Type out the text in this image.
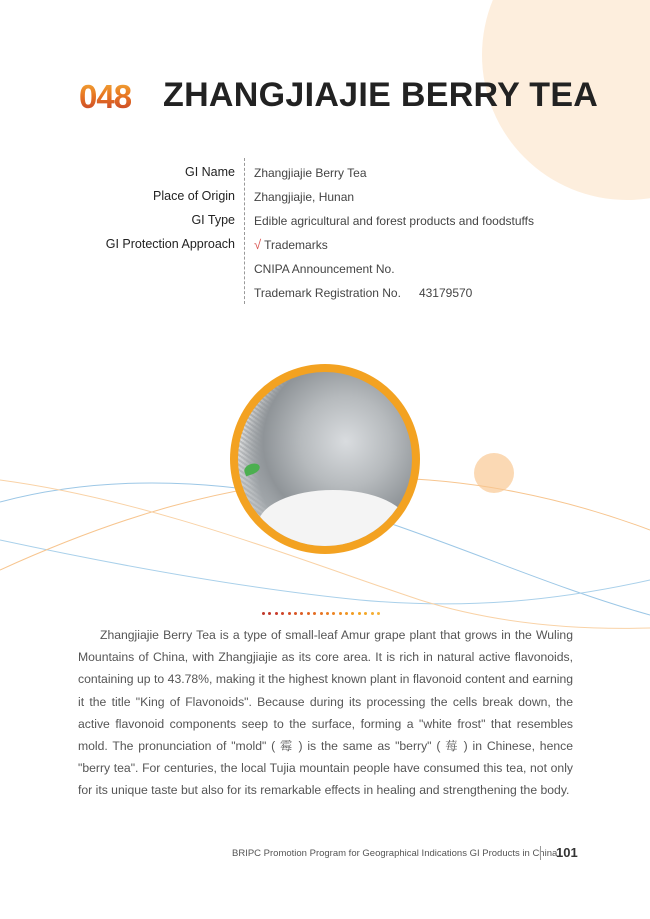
048 ZHANGJIAJIE BERRY TEA
GI Name Zhangjiajie Berry Tea
Place of Origin Zhangjiajie, Hunan
GI Type Edible agricultural and forest products and foodstuffs
GI Protection Approach √ Trademarks
CNIPA Announcement No.
Trademark Registration No. 43179570

Zhangjiajie Berry Tea is a type of small-leaf Amur grape plant that grows in the Wuling Mountains of China, with Zhangjiajie as its core area. It is rich in natural active flavonoids, containing up to 43.78%, making it the highest known plant in flavonoid content and earning it the title "King of Flavonoids". Because during its processing the cells break down, the active flavonoid components seep to the surface, forming a "white frost" that resembles mold. The pronunciation of "mold" ( 霉 ) is the same as "berry" ( 莓 ) in Chinese, hence "berry tea". For centuries, the local Tujia mountain people have consumed this tea, not only for its unique taste but also for its remarkable effects in healing and strengthening the body.

BRIPC Promotion Program for Geographical Indications GI Products in China
101
